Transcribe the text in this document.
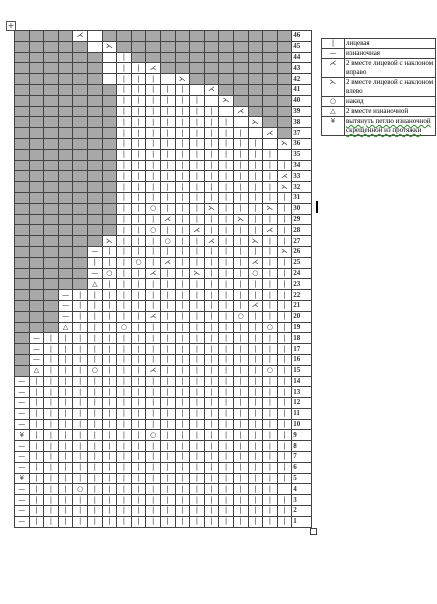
+
				⋌															46
						⋋													45
							|												44
							|	|	⋌										43
							|	|	|		⋋								42
							|	|	|	|	|		⋌						41
							|	|	|	|	|	|		⋋					40
							|	|	|	|	|	|	|		⋌				39
							|	|	|	|	|	|	|	|		⋋			38
							|	|	|	|	|	|	|	|	|		⋌		37
							|	|	|	|	|	|	|	|	|	|		⋋	36
							|	|	|	|	|	|	|	|	|	|	|		35
							|	|	|	|	|	|	|	|	|	|	|	|	34
							|	|	|	|	|	|	|	|	|	|	|	⋌	33
							|	|	|	|	|	|	|	|	|	|	|	⋋	32
							|	|	|	|	|	|	|	|	|	|	|	|	31
							|	|	○	|	|	|	⋋	|	|	|	⋋	|	30
							|	|	|	⋌	|	|	|	|	⋋	|	|	|	29
							|	|	○	|	|	⋌	|	|	|	|	⋌	|	28
						⋋	|	|	|	○	|	|	⋌	|	|	⋋	|	|	27
					—	|	|	|	|	|	|	|	|	|	|	|	|	⋋	26
					|	|	|	○	|	⋌	|	|	|	|	|	⋌	|	|	25
					—	○	|	|	⋌	|	|	⋋	|	|	|	○	|	|	24
					△	|	|	|	|	|	|	|	|	|	|	|	|	|	23
			—	|	|	|	|	|	|	|	|	|	|	|	|	|	|	|	22
			—	|	|	|	|	|	|	|	|	|	|	|	|	⋌	|	|	21
			—	|	|	|	|	|	⋌	|	|	|	|	|	○	|	|	|	20
			△	|	|	|	○	|	|	|	|	|	|	|	|	|	○	|	19
	—	|	|	|	|	|	|	|	|	|	|	|	|	|	|	|	|	|	18
	—	|	|	|	|	|	|	|	|	|	|	|	|	|	|	|	|	|	17
	—	|	|	|	|	|	|	|	|	|	|	|	|	|	|	|	|	|	16
	△	|	|	|	○	|	|	|	⋌	|	|	|	|	|	|	|	○	|	15
—	|	|	|	|	|	|	|	|	|	|	|	|	|	|	|	|	|	|	14
—	|	|	|	|	|	|	|	|	|	|	|	|	|	|	|	|	|	|	13
—	|	|	|	|	|	|	|	|	|	|	|	|	|	|	|	|	|	|	12
—	|	|	|	|	|	|	|	|	|	|	|	|	|	|	|	|	|	|	11
—	|	|	|	|	|	|	|	|	|	|	|	|	|	|	|	|	|	|	10
¥	|	|	|	|	|	|	|	|	○	|	|	|	|	|	|	|	|	|	9
—	|	|	|	|	|	|	|	|	|	|	|	|	|	|	|	|	|	|	8
—	|	|	|	|	|	|	|	|	|	|	|	|	|	|	|	|	|	|	7
—	|	|	|	|	|	|	|	|	|	|	|	|	|	|	|	|	|	|	6
¥	|	|	|	|	|	|	|	|	|	|	|	|	|	|	|	|	|	|	5
—	|	|	|	○	|	|	|	|	|	|	|	|	|	|	|	|	|		4
—	|	|	|	|	|	|	|	|	|	|	|	|	|	|	|	|	|	|	3
—	|	|	|	|	|	|	|	|	|	|	|	|	|	|	|	|	|	|	2
—	|	|	|	|	|	|	|	|	|	|	|	|	|	|	|	|	|	|	1
|	лицевая
—	изнаночная
⋌	2 вместе лицевой с наклоном вправо
⋋	2 вместе лицевой с наклоном влево
○	накид
△	2 вместе изнаночной
¥	вытянуть петлю изнаночной скрещенной из протяжки
